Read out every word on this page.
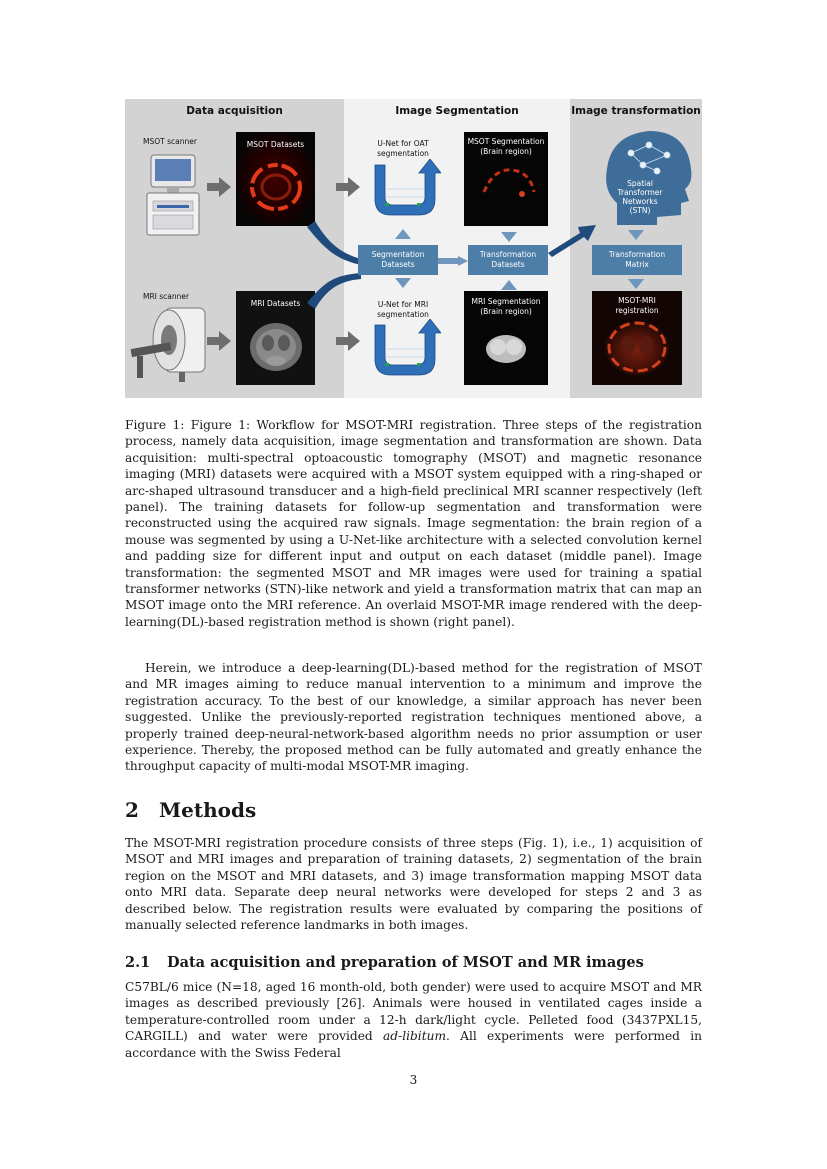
Data acquisition	Image Segmentation	Image transformation
MSOT scanner
MRI scanner
MSOT Datasets
MRI Datasets
U-Net for OAT
segmentation
U-Net for MRI
segmentation
Segmentation
Datasets
Transformation
Datasets
MSOT Segmentation
(Brain region)
MRI Segmentation
(Brain region)
Spatial
Transformer
Networks
(STN)
Transformation
Matrix
MSOT-MRI
registration

Figure 1: Figure 1: Workflow for MSOT-MRI registration. Three steps of the registration process, namely data acquisition, image segmentation and transformation are shown. Data acquisition: multi-spectral optoacoustic tomography (MSOT) and magnetic resonance imaging (MRI) datasets were acquired with a MSOT system equipped with a ring-shaped or arc-shaped ultrasound transducer and a high-field preclinical MRI scanner respectively (left panel). The training datasets for follow-up segmentation and transformation were reconstructed using the acquired raw signals. Image segmentation: the brain region of a mouse was segmented by using a U-Net-like architecture with a selected convolution kernel and padding size for different input and output on each dataset (middle panel). Image transformation: the segmented MSOT and MR images were used for training a spatial transformer networks (STN)-like network and yield a transformation matrix that can map an MSOT image onto the MRI reference. An overlaid MSOT-MR image rendered with the deep-learning(DL)-based registration method is shown (right panel).

Herein, we introduce a deep-learning(DL)-based method for the registration of MSOT and MR images aiming to reduce manual intervention to a minimum and improve the registration accuracy. To the best of our knowledge, a similar approach has never been suggested. Unlike the previously-reported registration techniques mentioned above, a properly trained deep-neural-network-based algorithm needs no prior assumption or user experience. Thereby, the proposed method can be fully automated and greatly enhance the throughput capacity of multi-modal MSOT-MR imaging.

2 Methods

The MSOT-MRI registration procedure consists of three steps (Fig. 1), i.e., 1) acquisition of MSOT and MRI images and preparation of training datasets, 2) segmentation of the brain region on the MSOT and MRI datasets, and 3) image transformation mapping MSOT data onto MRI data. Separate deep neural networks were developed for steps 2 and 3 as described below. The registration results were evaluated by comparing the positions of manually selected reference landmarks in both images.

2.1 Data acquisition and preparation of MSOT and MR images

C57BL/6 mice (N=18, aged 16 month-old, both gender) were used to acquire MSOT and MR images as described previously [26]. Animals were housed in ventilated cages inside a temperature-controlled room under a 12-h dark/light cycle. Pelleted food (3437PXL15, CARGILL) and water were provided ad-libitum. All experiments were performed in accordance with the Swiss Federal

3
